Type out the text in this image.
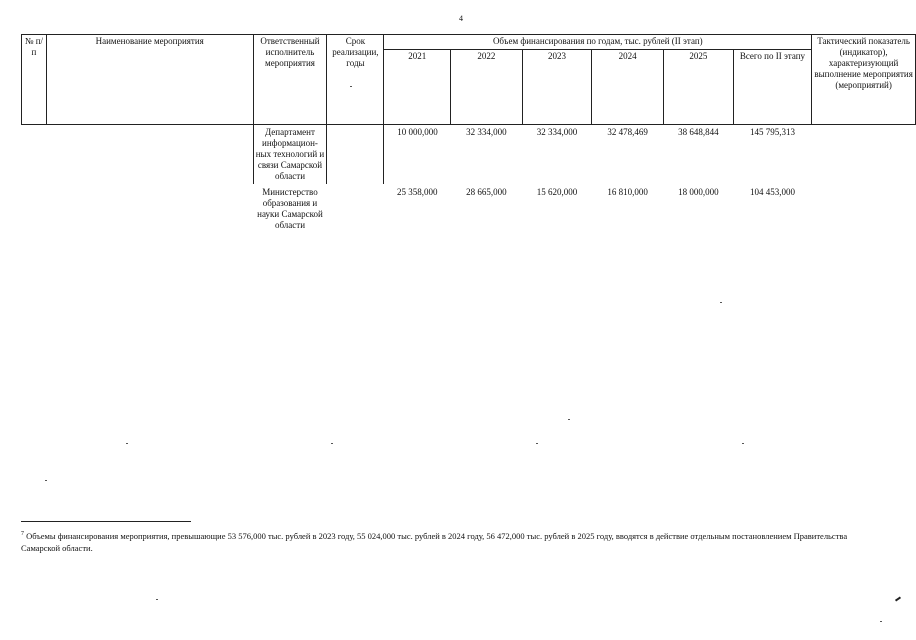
4
№ п/п	Наименование мероприятия	Ответственный исполнитель мероприятия	Срок реализации, годы	Объем финансирования по годам, тыс. рублей (II этап)						Тактический показатель (индикатор), характеризующий выполнение мероприятия (мероприятий)
				2021	2022	2023	2024	2025	Всего по II этапу	
		Департамент информацион-ных технологий и связи Самарской области		10 000,000	32 334,000	32 334,000	32 478,469	38 648,844	145 795,313	
		Министерство образования и науки Самарской области		25 358,000	28 665,000	15 620,000	16 810,000	18 000,000	104 453,000	
$^7$ Объемы финансирования мероприятия, превышающие 53 576,000 тыс. рублей в 2023 году, 55 024,000 тыс. рублей в 2024 году, 56 472,000 тыс. рублей в 2025 году, вводятся в действие отдельным постановлением Правительства Самарской области.
